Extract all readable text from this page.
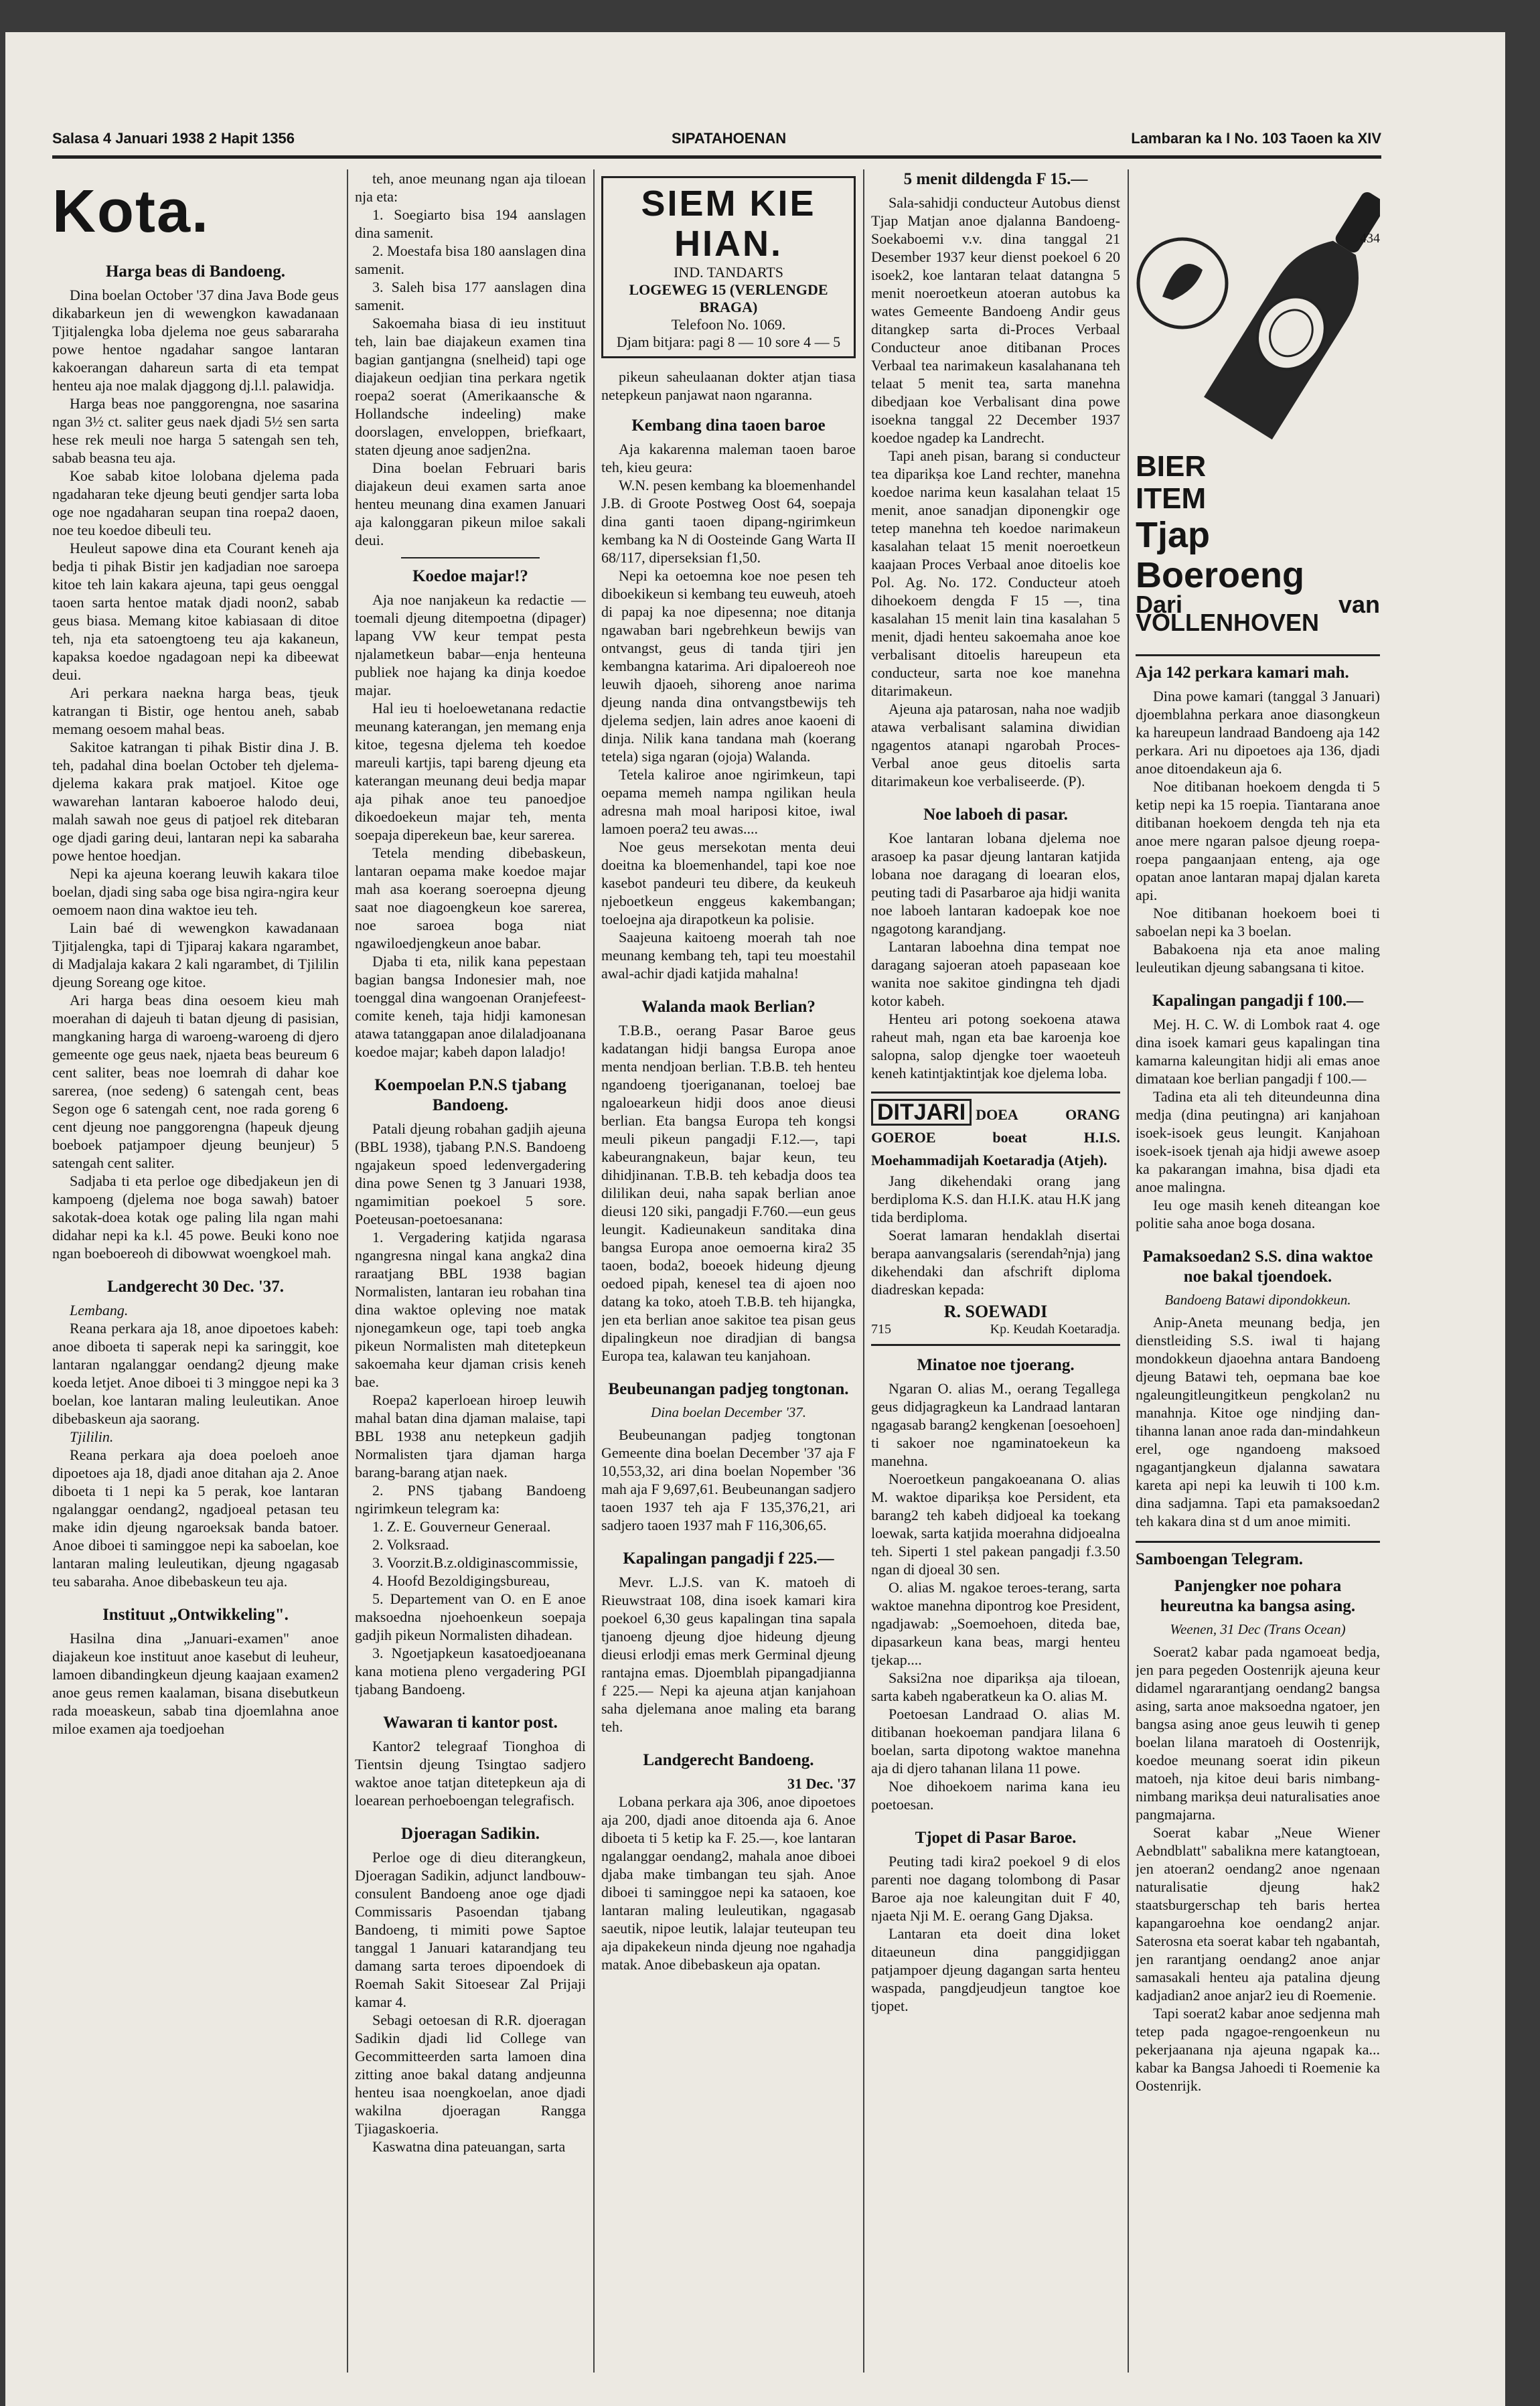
Salasa 4 Januari 1938 2 Hapit 1356	SIPATAHOENAN	Lambaran ka I No. 103 Taoen ka XIV
Kota.
Harga beas di Bandoeng.

Dina boelan October '37 dina Java Bode geus dikabarkeun jen di wewengkon kawadanaan Tjitjalengka loba djelema noe geus sabararaha powe hentoe ngadahar sangoe lantaran kakoerangan dahareun sarta di eta tempat henteu aja noe malak djaggong dj.l.l. palawidja.

Harga beas noe panggorengna, noe sasarina ngan 3½ ct. saliter geus naek djadi 5½ sen sarta hese rek meuli noe harga 5 satengah sen teh, sabab beasna teu aja.

Koe sabab kitoe lolobana djelema pada ngadaharan teke djeung beuti gendjer sarta loba oge noe ngadaharan seupan tina roepa2 daoen, noe teu koedoe dibeuli teu.

Heuleut sapowe dina eta Courant keneh aja bedja ti pihak Bistir jen kadjadian noe saroepa kitoe teh lain kakara ajeuna, tapi geus oenggal taoen sarta hentoe matak djadi noon2, sabab geus biasa. Memang kitoe kabiasaan di ditoe teh, nja eta satoengtoeng teu aja kakaneun, kapaksa koedoe ngadagoan nepi ka dibeewat deui.

Ari perkara naekna harga beas, tjeuk katrangan ti Bistir, oge hentou aneh, sabab memang oesoem mahal beas.

Sakitoe katrangan ti pihak Bistir dina J. B. teh, padahal dina boelan October teh djelema-djelema kakara prak matjoel. Kitoe oge wawarehan lantaran kaboeroe halodo deui, malah sawah noe geus di patjoel rek ditebaran oge djadi garing deui, lantaran nepi ka sabaraha powe hentoe hoedjan.

Nepi ka ajeuna koerang leuwih kakara tiloe boelan, djadi sing saba oge bisa ngira-ngira keur oemoem naon dina waktoe ieu teh.

Lain baé di wewengkon kawadanaan Tjitjalengka, tapi di Tjiparaj kakara ngarambet, di Madjalaja kakara 2 kali ngarambet, di Tjililin djeung Soreang oge kitoe.

Ari harga beas dina oesoem kieu mah moerahan di dajeuh ti batan djeung di pasisian, mangkaning harga di waroeng-waroeng di djero gemeente oge geus naek, njaeta beas beureum 6 cent saliter, beas noe loemrah di dahar koe sarerea, (noe sedeng) 6 satengah cent, beas Segon oge 6 satengah cent, noe rada goreng 6 cent djeung noe panggorengna (hapeuk djeung boeboek patjampoer djeung beunjeur) 5 satengah cent saliter.

Sadjaba ti eta perloe oge dibedjakeun jen di kampoeng (djelema noe boga sawah) batoer sakotak-doea kotak oge paling lila ngan mahi didahar nepi ka k.l. 45 powe. Beuki kono noe ngan boeboereoh di dibowwat woengkoel mah.

Landgerecht 30 Dec. '37.

Lembang.

Reana perkara aja 18, anoe dipoetoes kabeh: anoe diboeta ti saperak nepi ka saringgit, koe lantaran ngalanggar oendang2 djeung make koeda letjet. Anoe diboei ti 3 minggoe nepi ka 3 boelan, koe lantaran maling leuleutikan. Anoe dibebaskeun aja saorang.

Tjililin.

Reana perkara aja doea poeloeh anoe dipoetoes aja 18, djadi anoe ditahan aja 2. Anoe diboeta ti 1 nepi ka 5 perak, koe lantaran ngalanggar oendang2, ngadjoeal petasan teu make idin djeung ngaroeksak banda batoer. Anoe diboei ti saminggoe nepi ka saboelan, koe lantaran maling leuleutikan, djeung ngagasab teu sabaraha. Anoe dibebaskeun teu aja.

Instituut „Ontwikkeling".

Hasilna dina „Januari-examen" anoe diajakeun koe instituut anoe kasebut di leuheur, lamoen dibandingkeun djeung kaajaan examen2 anoe geus remen kaalaman, bisana disebutkeun rada moeaskeun, sabab tina djoemlahna anoe miloe examen aja toedjoehan

teh, anoe meunang ngan aja tiloean nja eta:

1. Soegiarto bisa 194 aanslagen dina samenit.

2. Moestafa bisa 180 aanslagen dina samenit.

3. Saleh bisa 177 aanslagen dina samenit.

Sakoemaha biasa di ieu instituut teh, lain bae diajakeun examen tina bagian gantjangna (snelheid) tapi oge diajakeun oedjian tina perkara ngetik roepa2 soerat (Amerikaansche & Hollandsche indeeling) make doorslagen, enveloppen, briefkaart, staten djeung anoe sadjen2na.

Dina boelan Februari baris diajakeun deui examen sarta anoe henteu meunang dina examen Januari aja kalonggaran pikeun miloe sakali deui.

Koedoe majar!?

Aja noe nanjakeun ka redactie — toemali djeung ditempoetna (dipager) lapang VW keur tempat pesta njalametkeun babar—enja henteuna publiek noe hajang ka dinja koedoe majar.

Hal ieu ti hoeloewetanana redactie meunang katerangan, jen memang enja kitoe, tegesna djelema teh koedoe mareuli kartjis, tapi bareng djeung eta katerangan meunang deui bedja mapar aja pihak anoe teu panoedjoe dikoedoekeun majar teh, menta soepaja diperekeun bae, keur sarerea.

Tetela mending dibebaskeun, lantaran oepama make koedoe majar mah asa koerang soeroepna djeung saat noe diagoengkeun koe sarerea, noe saroea boga niat ngawiloedjengkeun anoe babar.

Djaba ti eta, nilik kana pepestaan bagian bangsa Indonesier mah, noe toenggal dina wangoenan Oranjefeest-comite keneh, taja hidji kamonesan atawa tatanggapan anoe dilaladjoanana koedoe majar; kabeh dapon laladjo!

Koempoelan P.N.S tjabang Bandoeng.

Patali djeung robahan gadjih ajeuna (BBL 1938), tjabang P.N.S. Bandoeng ngajakeun spoed ledenvergadering dina powe Senen tg 3 Januari 1938, ngamimitian poekoel 5 sore. Poeteusan-poetoesanana:

1. Vergadering katjida ngarasa ngangresna ningal kana angka2 dina raraatjang BBL 1938 bagian Normalisten, lantaran ieu robahan tina dina waktoe opleving noe matak njonegamkeun oge, tapi toeb angka pikeun Normalisten mah ditetepkeun sakoemaha keur djaman crisis keneh bae.

Roepa2 kaperloean hiroep leuwih mahal batan dina djaman malaise, tapi BBL 1938 anu netepkeun gadjih Normalisten tjara djaman harga barang-barang atjan naek.

2. PNS tjabang Bandoeng ngirimkeun telegram ka:

1. Z. E. Gouverneur Generaal.

2. Volksraad.

3. Voorzit.B.z.oldiginascommissie,

4. Hoofd Bezoldigingsbureau,

5. Departement van O. en E anoe maksoedna njoehoenkeun soepaja gadjih pikeun Normalisten dihadean.

3. Ngoetjapkeun kasatoedjoeanana kana motiena pleno vergadering PGI tjabang Bandoeng.

Wawaran ti kantor post.

Kantor2 telegraaf Tionghoa di Tientsin djeung Tsingtao sadjero waktoe anoe tatjan ditetepkeun aja di loearean perhoeboengan telegrafisch.

Djoeragan Sadikin.

Perloe oge di dieu diterangkeun, Djoeragan Sadikin, adjunct landbouw-consulent Bandoeng anoe oge djadi Commissaris Pasoendan tjabang Bandoeng, ti mimiti powe Saptoe tanggal 1 Januari katarandjang teu damang sarta teroes dipoendoek di Roemah Sakit Sitoesear Zal Prijaji kamar 4.

Sebagi oetoesan di R.R. djoeragan Sadikin djadi lid College van Gecommitteerden sarta lamoen dina zitting anoe bakal datang andjeunna henteu isaa noengkoelan, anoe djadi wakilna djoeragan Rangga Tjiagaskoeria.

Kaswatna dina pateuangan, sarta

SIEM KIE HIAN.
IND. TANDARTS
LOGEWEG 15 (VERLENGDE BRAGA)
Telefoon No. 1069.
Djam bitjara: pagi 8 — 10 sore 4 — 5

pikeun saheulaanan dokter atjan tiasa netepkeun panjawat naon ngaranna.

Kembang dina taoen baroe

Aja kakarenna maleman taoen baroe teh, kieu geura:

W.N. pesen kembang ka bloemenhandel J.B. di Groote Postweg Oost 64, soepaja dina ganti taoen dipang-ngirimkeun kembang ka N di Oosteinde Gang Warta II 68/117, diperseksian f1,50.

Nepi ka oetoemna koe noe pesen teh diboekikeun si kembang teu euweuh, atoeh di papaj ka noe dipesenna; noe ditanja ngawaban bari ngebrehkeun bewijs van ontvangst, geus di tanda tjiri jen kembangna katarima. Ari dipaloereoh noe leuwih djaoeh, sihoreng anoe narima djeung nanda dina ontvangstbewijs teh djelema sedjen, lain adres anoe kaoeni di dinja. Nilik kana tandana mah (koerang tetela) siga ngaran (ojoja) Walanda.

Tetela kaliroe anoe ngirimkeun, tapi oepama memeh nampa ngilikan heula adresna mah moal hariposi kitoe, iwal lamoen poera2 teu awas....

Noe geus mersekotan menta deui doeitna ka bloemenhandel, tapi koe noe kasebot pandeuri teu dibere, da keukeuh njeboetkeun enggeus kakembangan; toeloejna aja dirapotkeun ka polisie.

Saajeuna kaitoeng moerah tah noe meunang kembang teh, tapi teu moestahil awal-achir djadi katjida mahalna!

Walanda maok Berlian?

T.B.B., oerang Pasar Baroe geus kadatangan hidji bangsa Europa anoe menta nendjoan berlian. T.B.B. teh henteu ngandoeng tjoerigananan, toeloej bae ngaloearkeun hidji doos anoe dieusi berlian. Eta bangsa Europa teh kongsi meuli pikeun pangadji F.12.—, tapi kabeurangnakeun, bajar keun, teu dihidjinanan. T.B.B. teh kebadja doos tea dililikan deui, naha sapak berlian anoe dieusi 120 siki, pangadji F.760.—eun geus leungit. Kadieunakeun sanditaka dina bangsa Europa anoe oemoerna kira2 35 taoen, boda2, boeoek hideung djeung oedoed pipah, kenesel tea di ajoen noo datang ka toko, atoeh T.B.B. teh hijangka, jen eta berlian anoe sakitoe tea pisan geus dipalingkeun noe diradjian di bangsa Europa tea, kalawan teu kanjahoan.

Beubeunangan padjeg tongtonan.
Dina boelan December '37.

Beubeunangan padjeg tongtonan Gemeente dina boelan December '37 aja F 10,553,32, ari dina boelan Nopember '36 mah aja F 9,697,61. Beubeunangan sadjero taoen 1937 teh aja F 135,376,21, ari sadjero taoen 1937 mah F 116,306,65.

Kapalingan pangadji f 225.—

Mevr. L.J.S. van K. matoeh di Rieuwstraat 108, dina isoek kamari kira poekoel 6,30 geus kapalingan tina sapala tjanoeng djeung djoe hideung djeung dieusi erlodji emas merk Germinal djeung rantajna emas. Djoemblah pipangadjianna f 225.— Nepi ka ajeuna atjan kanjahoan saha djelemana anoe maling eta barang teh.

Landgerecht Bandoeng.
31 Dec. '37

Lobana perkara aja 306, anoe dipoetoes aja 200, djadi anoe ditoenda aja 6. Anoe diboeta ti 5 ketip ka F. 25.—, koe lantaran ngalanggar oendang2, mahala anoe diboei djaba make timbangan teu sjah. Anoe diboei ti saminggoe nepi ka sataoen, koe lantaran maling leuleutikan, ngagasab saeutik, nipoe leutik, lalajar teuteupan teu aja dipakekeun ninda djeung noe ngahadja matak. Anoe dibebaskeun aja opatan.

5 menit dildengda F 15.—

Sala-sahidji conducteur Autobus dienst Tjap Matjan anoe djalanna Bandoeng-Soekaboemi v.v. dina tanggal 21 Desember 1937 keur dienst poekoel 6 20 isoek2, koe lantaran telaat datangna 5 menit noeroetkeun atoeran autobus ka wates Gemeente Bandoeng Andir geus ditangkep sarta di-Proces Verbaal Conducteur anoe ditibanan Proces Verbaal tea narimakeun kasalahanana teh telaat 5 menit tea, sarta manehna dibedjaan koe Verbalisant dina powe isoekna tanggal 22 December 1937 koedoe ngadep ka Landrecht.

Tapi aneh pisan, barang si conducteur tea diparikṣa koe Land rechter, manehna koedoe narima keun kasalahan telaat 15 menit, anoe sanadjan diponengkir oge tetep manehna teh koedoe narimakeun kasalahan telaat 15 menit noeroetkeun kaajaan Proces Verbaal anoe ditoelis koe Pol. Ag. No. 172. Conducteur atoeh dihoekoem dengda F 15 —, tina kasalahan 15 menit lain tina kasalahan 5 menit, djadi henteu sakoemaha anoe koe verbalisant ditoelis hareupeun eta conducteur, sarta noe koe manehna ditarimakeun.

Ajeuna aja patarosan, naha noe wadjib atawa verbalisant salamina diwidian ngagentos atanapi ngarobah Proces-Verbal anoe geus ditoelis sarta ditarimakeun koe verbaliseerde. (P).

Noe laboeh di pasar.

Koe lantaran lobana djelema noe arasoep ka pasar djeung lantaran katjida lobana noe daragang di loearan elos, peuting tadi di Pasarbaroe aja hidji wanita noe laboeh lantaran kadoepak koe noe ngagotong karandjang.

Lantaran laboehna dina tempat noe daragang sajoeran atoeh papaseaan koe wanita noe sakitoe gindingna teh djadi kotor kabeh.

Henteu ari potong soekoena atawa raheut mah, ngan eta bae karoenja koe salopna, salop djengke toer waoeteuh keneh katintjaktintjak koe djelema loba.

DITJARI DOEA ORANG GOEROE boeat H.I.S. Moehammadijah Koetaradja (Atjeh).

Jang dikehendaki orang jang berdiploma K.S. dan H.I.K. atau H.K jang tida berdiploma.

Soerat lamaran hendaklah disertai berapa aanvangsalaris (serendah²nja) jang dikehendaki dan afschrift diploma diadreskan kepada:

R. SOEWADI
715	Kp. Keudah Koetaradja.
Minatoe noe tjoerang.

Ngaran O. alias M., oerang Tegallega geus didjagragkeun ka Landraad lantaran ngagasab barang2 kengkenan [oesoehoen] ti sakoer noe ngaminatoekeun ka manehna.

Noeroetkeun pangakoeanana O. alias M. waktoe diparikṣa koe Persident, eta barang2 teh kabeh didjoeal ka toekang loewak, sarta katjida moerahna didjoealna teh. Siperti 1 stel pakean pangadji f.3.50 ngan di djoeal 30 sen.

O. alias M. ngakoe teroes-terang, sarta waktoe manehna dipontrog koe President, ngadjawab: „Soemoehoen, diteda bae, dipasarkeun kana beas, margi henteu tjekap....

Saksi2na noe diparikṣa aja tiloean, sarta kabeh ngaberatkeun ka O. alias M.

Poetoesan Landraad O. alias M. ditibanan hoekoeman pandjara lilana 6 boelan, sarta dipotong waktoe manehna aja di djero tahanan lilana 11 powe.

Noe dihoekoem narima kana ieu poetoesan.

Tjopet di Pasar Baroe.

Peuting tadi kira2 poekoel 9 di elos parenti noe dagang tolombong di Pasar Baroe aja noe kaleungitan duit F 40, njaeta Nji M. E. oerang Gang Djaksa.

Lantaran eta doeit dina loket ditaeuneun dina panggidjiggan patjampoer djeung dagangan sarta henteu waspada, pangdjeudjeun tangtoe koe tjopet.

434
BIER
ITEM
Tjap Boeroeng
Dari van VOLLENHOVEN
Aja 142 perkara kamari mah.

Dina powe kamari (tanggal 3 Januari) djoemblahna perkara anoe diasongkeun ka hareupeun landraad Bandoeng aja 142 perkara. Ari nu dipoetoes aja 136, djadi anoe ditoendakeun aja 6.

Noe ditibanan hoekoem dengda ti 5 ketip nepi ka 15 roepia. Tiantarana anoe ditibanan hoekoem dengda teh nja eta anoe mere ngaran palsoe djeung roepa-roepa pangaanjaan enteng, aja oge opatan anoe lantaran mapaj djalan kareta api.

Noe ditibanan hoekoem boei ti saboelan nepi ka 3 boelan.

Babakoena nja eta anoe maling leuleutikan djeung sabangsana ti kitoe.

Kapalingan pangadji f 100.—

Mej. H. C. W. di Lombok raat 4. oge dina isoek kamari geus kapalingan tina kamarna kaleungitan hidji ali emas anoe dimataan koe berlian pangadji f 100.—

Tadina eta ali teh diteundeunna dina medja (dina peutingna) ari kanjahoan isoek-isoek geus leungit. Kanjahoan isoek-isoek tjenah aja hidji awewe asoep ka pakarangan imahna, bisa djadi eta anoe malingna.

Ieu oge masih keneh diteangan koe politie saha anoe boga dosana.

Pamaksoedan2 S.S. dina waktoe noe bakal tjoendoek.
Bandoeng Batawi dipondokkeun.

Anip-Aneta meunang bedja, jen dienstleiding S.S. iwal ti hajang mondokkeun djaoehna antara Bandoeng djeung Batawi teh, oepmana bae koe ngaleungitleungitkeun pengkolan2 nu manahnja. Kitoe oge nindjing dan-tihanna lanan anoe rada dan-mindahkeun erel, oge ngandoeng maksoed ngagantjangkeun djalanna sawatara kareta api nepi ka leuwih ti 100 k.m. dina sadjamna. Tapi eta pamaksoedan2 teh kakara dina st d um anoe mimiti.

Samboengan Telegram.
Panjengker noe pohara heureutna ka bangsa asing.
Weenen, 31 Dec (Trans Ocean)

Soerat2 kabar pada ngamoeat bedja, jen para pegeden Oostenrijk ajeuna keur didamel ngararantjang oendang2 bangsa asing, sarta anoe maksoedna ngatoer, jen bangsa asing anoe geus leuwih ti genep boelan lilana maratoeh di Oostenrijk, koedoe meunang soerat idin pikeun matoeh, nja kitoe deui baris nimbang-nimbang marikṣa deui naturalisaties anoe pangmajarna.

Soerat kabar „Neue Wiener Aebndblatt" sabalikna mere katangtoean, jen atoeran2 oendang2 anoe ngenaan naturalisatie djeung hak2 staatsburgerschap teh baris hertea kapangaroehna koe oendang2 anjar. Saterosna eta soerat kabar teh ngabantah, jen rarantjang oendang2 anoe anjar samasakali henteu aja patalina djeung kadjadian2 anoe anjar2 ieu di Roemenie.

Tapi soerat2 kabar anoe sedjenna mah tetep pada ngagoe-rengoenkeun nu pekerjaanana nja ajeuna ngapak ka... kabar ka Bangsa Jahoedi ti Roemenie ka Oostenrijk.
